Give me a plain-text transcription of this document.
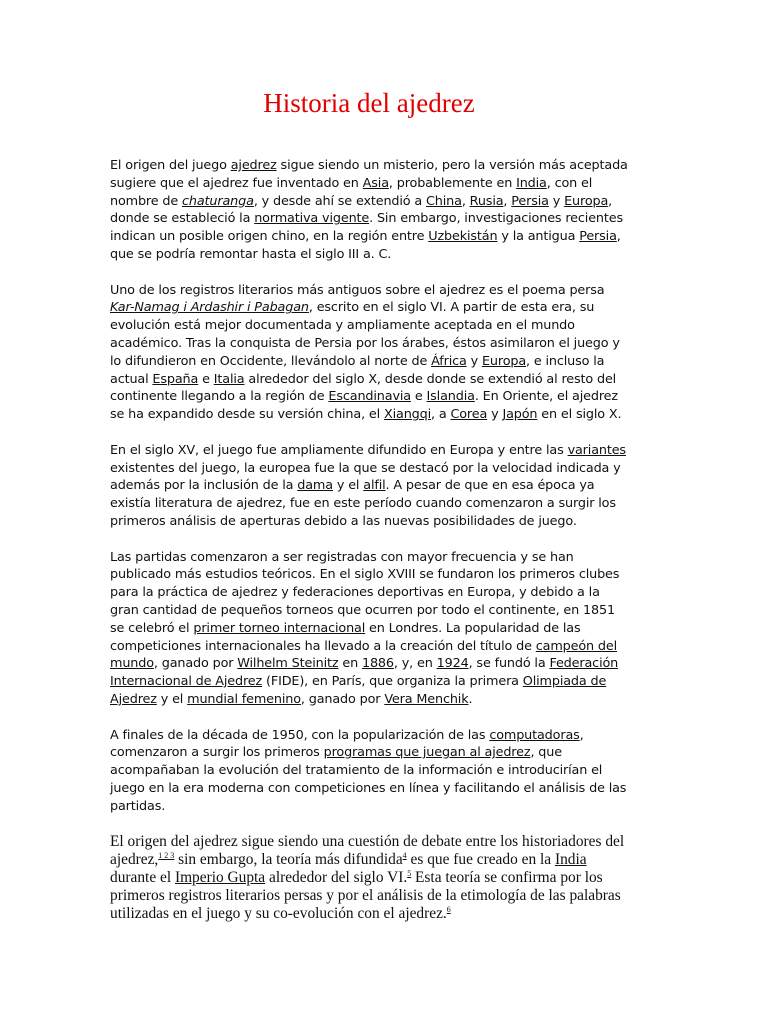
Historia del ajedrez

El origen del juego ajedrez sigue siendo un misterio, pero la versión más aceptada sugiere que el ajedrez fue inventado en Asia, probablemente en India, con el nombre de chaturanga, y desde ahí se extendió a China, Rusia, Persia y Europa, donde se estableció la normativa vigente. Sin embargo, investigaciones recientes indican un posible origen chino, en la región entre Uzbekistán y la antigua Persia, que se podría remontar hasta el siglo III a. C.

Uno de los registros literarios más antiguos sobre el ajedrez es el poema persa Kar-Namag i Ardashir i Pabagan, escrito en el siglo VI. A partir de esta era, su evolución está mejor documentada y ampliamente aceptada en el mundo académico. Tras la conquista de Persia por los árabes, éstos asimilaron el juego y lo difundieron en Occidente, llevándolo al norte de África y Europa, e incluso la actual España e Italia alrededor del siglo X, desde donde se extendió al resto del continente llegando a la región de Escandinavia e Islandia. En Oriente, el ajedrez se ha expandido desde su versión china, el Xiangqi, a Corea y Japón en el siglo X.

En el siglo XV, el juego fue ampliamente difundido en Europa y entre las variantes existentes del juego, la europea fue la que se destacó por la velocidad indicada y además por la inclusión de la dama y el alfil. A pesar de que en esa época ya existía literatura de ajedrez, fue en este período cuando comenzaron a surgir los primeros análisis de aperturas debido a las nuevas posibilidades de juego.

Las partidas comenzaron a ser registradas con mayor frecuencia y se han publicado más estudios teóricos. En el siglo XVIII se fundaron los primeros clubes para la práctica de ajedrez y federaciones deportivas en Europa, y debido a la gran cantidad de pequeños torneos que ocurren por todo el continente, en 1851 se celebró el primer torneo internacional en Londres. La popularidad de las competiciones internacionales ha llevado a la creación del título de campeón del mundo, ganado por Wilhelm Steinitz en 1886, y, en 1924, se fundó la Federación Internacional de Ajedrez (FIDE), en París, que organiza la primera Olimpiada de Ajedrez y el mundial femenino, ganado por Vera Menchik.

A finales de la década de 1950, con la popularización de las computadoras, comenzaron a surgir los primeros programas que juegan al ajedrez, que acompañaban la evolución del tratamiento de la información e introducirían el juego en la era moderna con competiciones en línea y facilitando el análisis de las partidas.

El origen del ajedrez sigue siendo una cuestión de debate entre los historiadores del ajedrez,$^{1 2 3}$ sin embargo, la teoría más difundida$^4$ es que fue creado en la India durante el Imperio Gupta alrededor del siglo VI.$^5$ Esta teoría se confirma por los primeros registros literarios persas y por el análisis de la etimología de las palabras utilizadas en el juego y su co-evolución con el ajedrez.$^6$
